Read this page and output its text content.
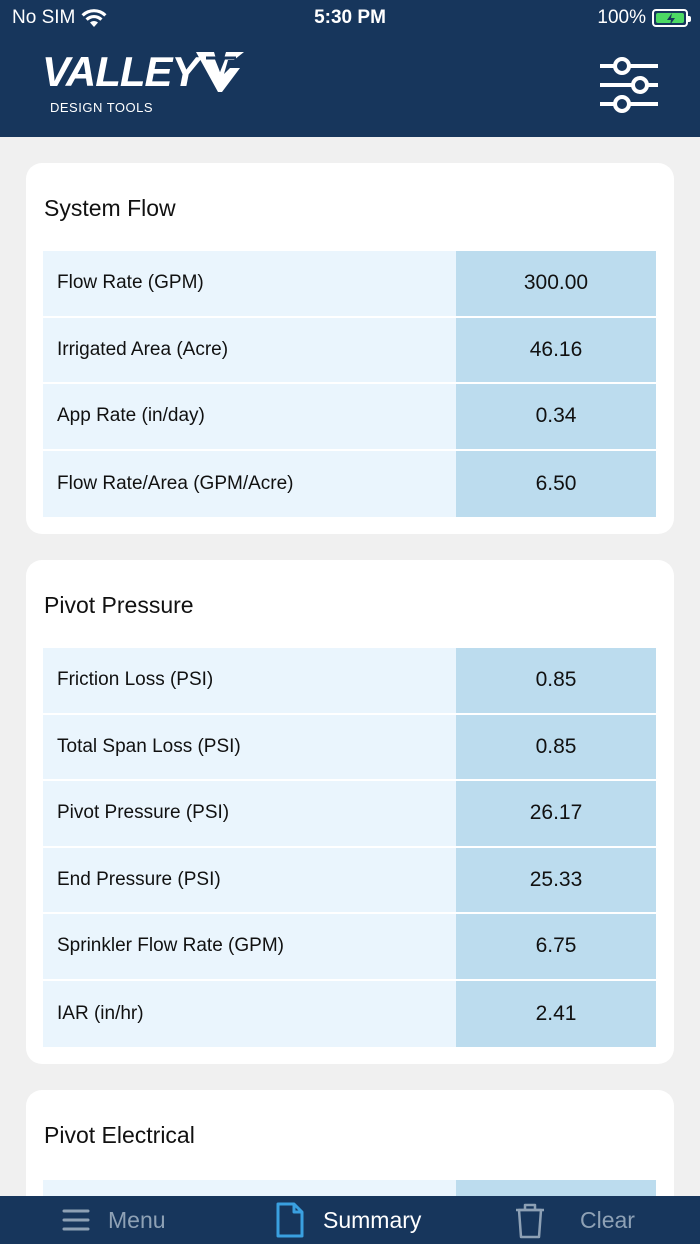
No SIM	5:30 PM	100%
VALLEY
DESIGN TOOLS
System Flow
Flow Rate (GPM)	300.00
Irrigated Area (Acre)	46.16
App Rate (in/day)	0.34
Flow Rate/Area (GPM/Acre)	6.50
Pivot Pressure
Friction Loss (PSI)	0.85
Total Span Loss (PSI)	0.85
Pivot Pressure (PSI)	26.17
End Pressure (PSI)	25.33
Sprinkler Flow Rate (GPM)	6.75
IAR (in/hr)	2.41
Pivot Electrical
Menu	Summary	Clear
